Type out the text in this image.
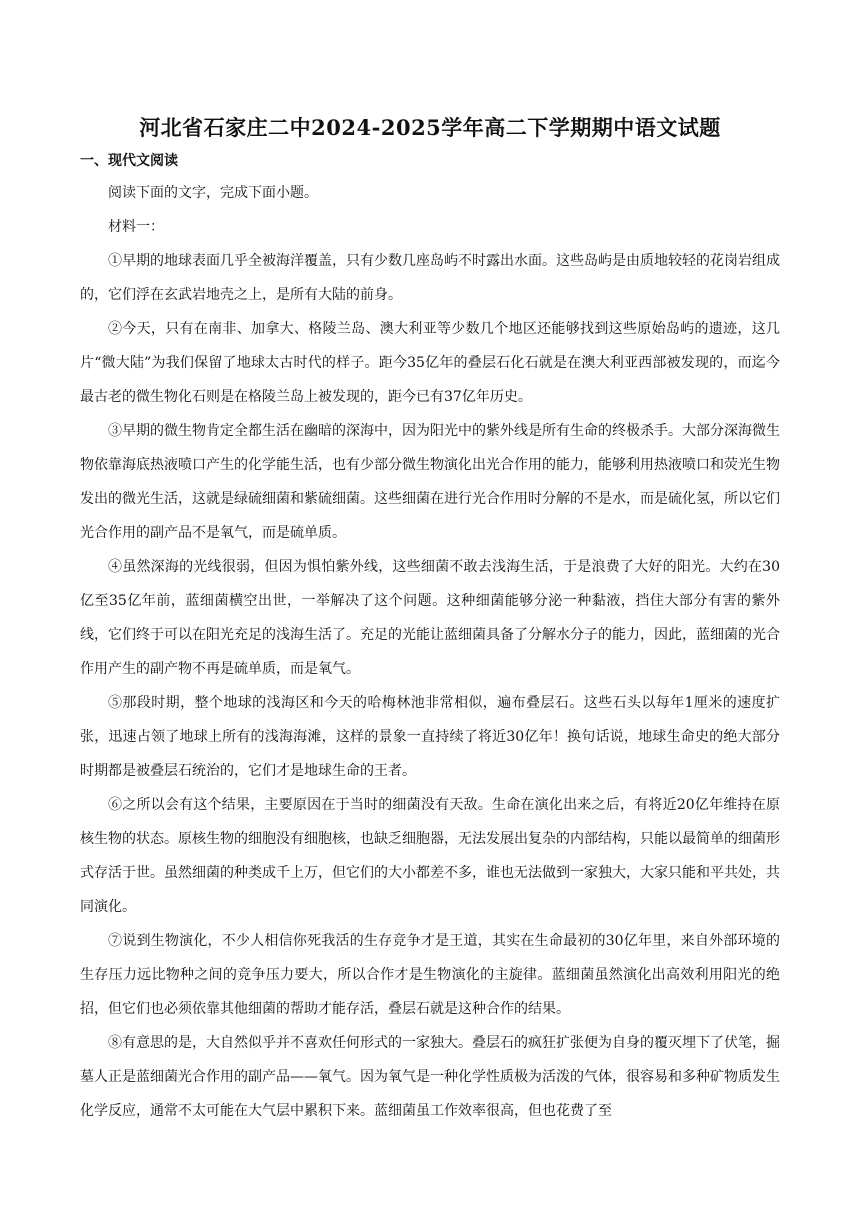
河北省石家庄二中2024-2025学年高二下学期期中语文试题
一、现代文阅读

阅读下面的文字，完成下面小题。

材料一：

①早期的地球表面几乎全被海洋覆盖，只有少数几座岛屿不时露出水面。这些岛屿是由质地较轻的花岗岩组成的，它们浮在玄武岩地壳之上，是所有大陆的前身。

②今天，只有在南非、加拿大、格陵兰岛、澳大利亚等少数几个地区还能够找到这些原始岛屿的遗迹，这几片“微大陆”为我们保留了地球太古时代的样子。距今35亿年的叠层石化石就是在澳大利亚西部被发现的，而迄今最古老的微生物化石则是在格陵兰岛上被发现的，距今已有37亿年历史。

③早期的微生物肯定全都生活在幽暗的深海中，因为阳光中的紫外线是所有生命的终极杀手。大部分深海微生物依靠海底热液喷口产生的化学能生活，也有少部分微生物演化出光合作用的能力，能够利用热液喷口和荧光生物发出的微光生活，这就是绿硫细菌和紫硫细菌。这些细菌在进行光合作用时分解的不是水，而是硫化氢，所以它们光合作用的副产品不是氧气，而是硫单质。

④虽然深海的光线很弱，但因为惧怕紫外线，这些细菌不敢去浅海生活，于是浪费了大好的阳光。大约在30亿至35亿年前，蓝细菌横空出世，一举解决了这个问题。这种细菌能够分泌一种黏液，挡住大部分有害的紫外线，它们终于可以在阳光充足的浅海生活了。充足的光能让蓝细菌具备了分解水分子的能力，因此，蓝细菌的光合作用产生的副产物不再是硫单质，而是氧气。

⑤那段时期，整个地球的浅海区和今天的哈梅林池非常相似，遍布叠层石。这些石头以每年1厘米的速度扩张，迅速占领了地球上所有的浅海海滩，这样的景象一直持续了将近30亿年！换句话说，地球生命史的绝大部分时期都是被叠层石统治的，它们才是地球生命的王者。

⑥之所以会有这个结果，主要原因在于当时的细菌没有天敌。生命在演化出来之后，有将近20亿年维持在原核生物的状态。原核生物的细胞没有细胞核，也缺乏细胞器，无法发展出复杂的内部结构，只能以最简单的细菌形式存活于世。虽然细菌的种类成千上万，但它们的大小都差不多，谁也无法做到一家独大，大家只能和平共处，共同演化。

⑦说到生物演化，不少人相信你死我活的生存竞争才是王道，其实在生命最初的30亿年里，来自外部环境的生存压力远比物种之间的竞争压力要大，所以合作才是生物演化的主旋律。蓝细菌虽然演化出高效利用阳光的绝招，但它们也必须依靠其他细菌的帮助才能存活，叠层石就是这种合作的结果。

⑧有意思的是，大自然似乎并不喜欢任何形式的一家独大。叠层石的疯狂扩张便为自身的覆灭埋下了伏笔，掘墓人正是蓝细菌光合作用的副产品——氧气。因为氧气是一种化学性质极为活泼的气体，很容易和多种矿物质发生化学反应，通常不太可能在大气层中累积下来。蓝细菌虽工作效率很高，但也花费了至
